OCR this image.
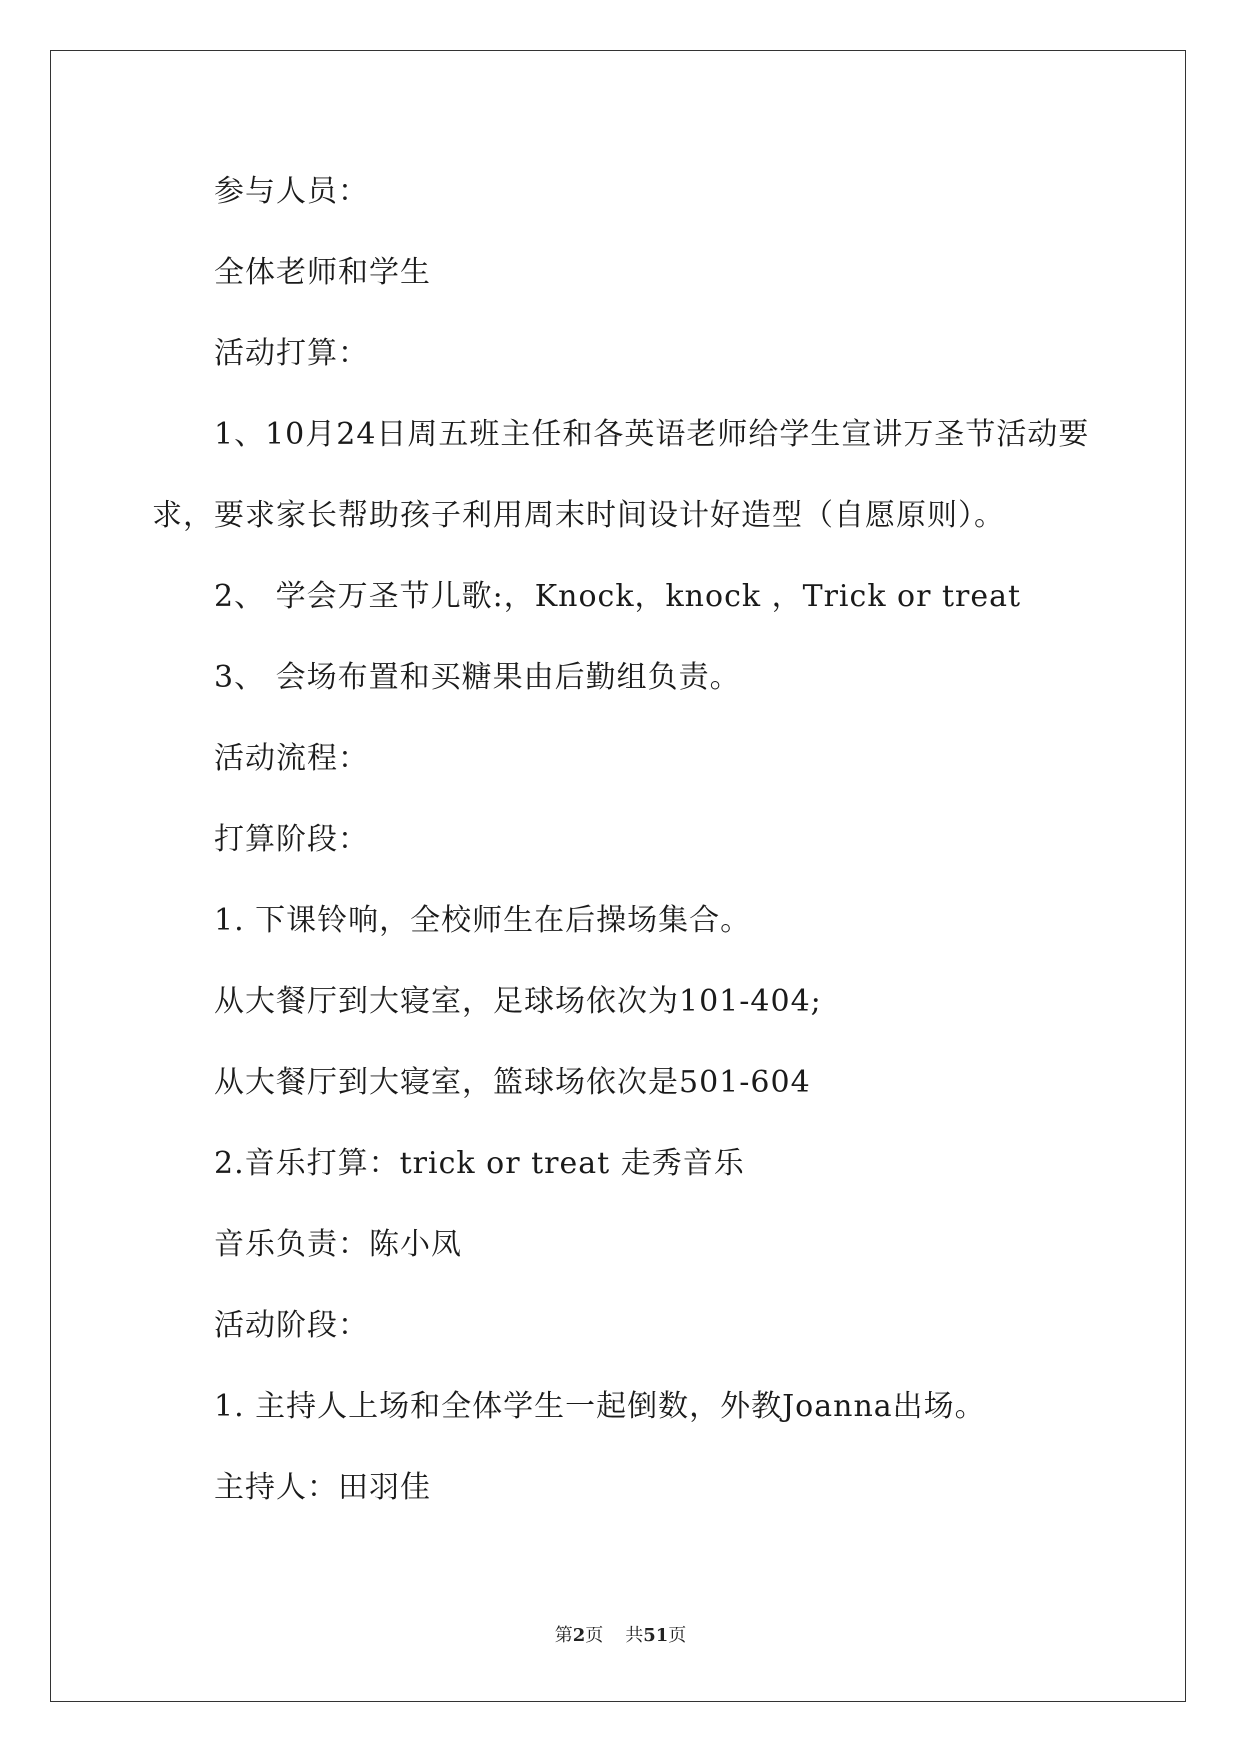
参与人员：
全体老师和学生
活动打算：
1、10月24日周五班主任和各英语老师给学生宣讲万圣节活动要
求，要求家长帮助孩子利用周末时间设计好造型（自愿原则）。
2、 学会万圣节儿歌:，Knock，knock ，Trick or treat
3、 会场布置和买糖果由后勤组负责。
活动流程：
打算阶段：
1. 下课铃响，全校师生在后操场集合。
从大餐厅到大寝室，足球场依次为101-404;
从大餐厅到大寝室，篮球场依次是501-604
2.音乐打算：trick or treat 走秀音乐
音乐负责：陈小凤
活动阶段：
1. 主持人上场和全体学生一起倒数，外教Joanna出场。
主持人：田羽佳
第2页 共51页
